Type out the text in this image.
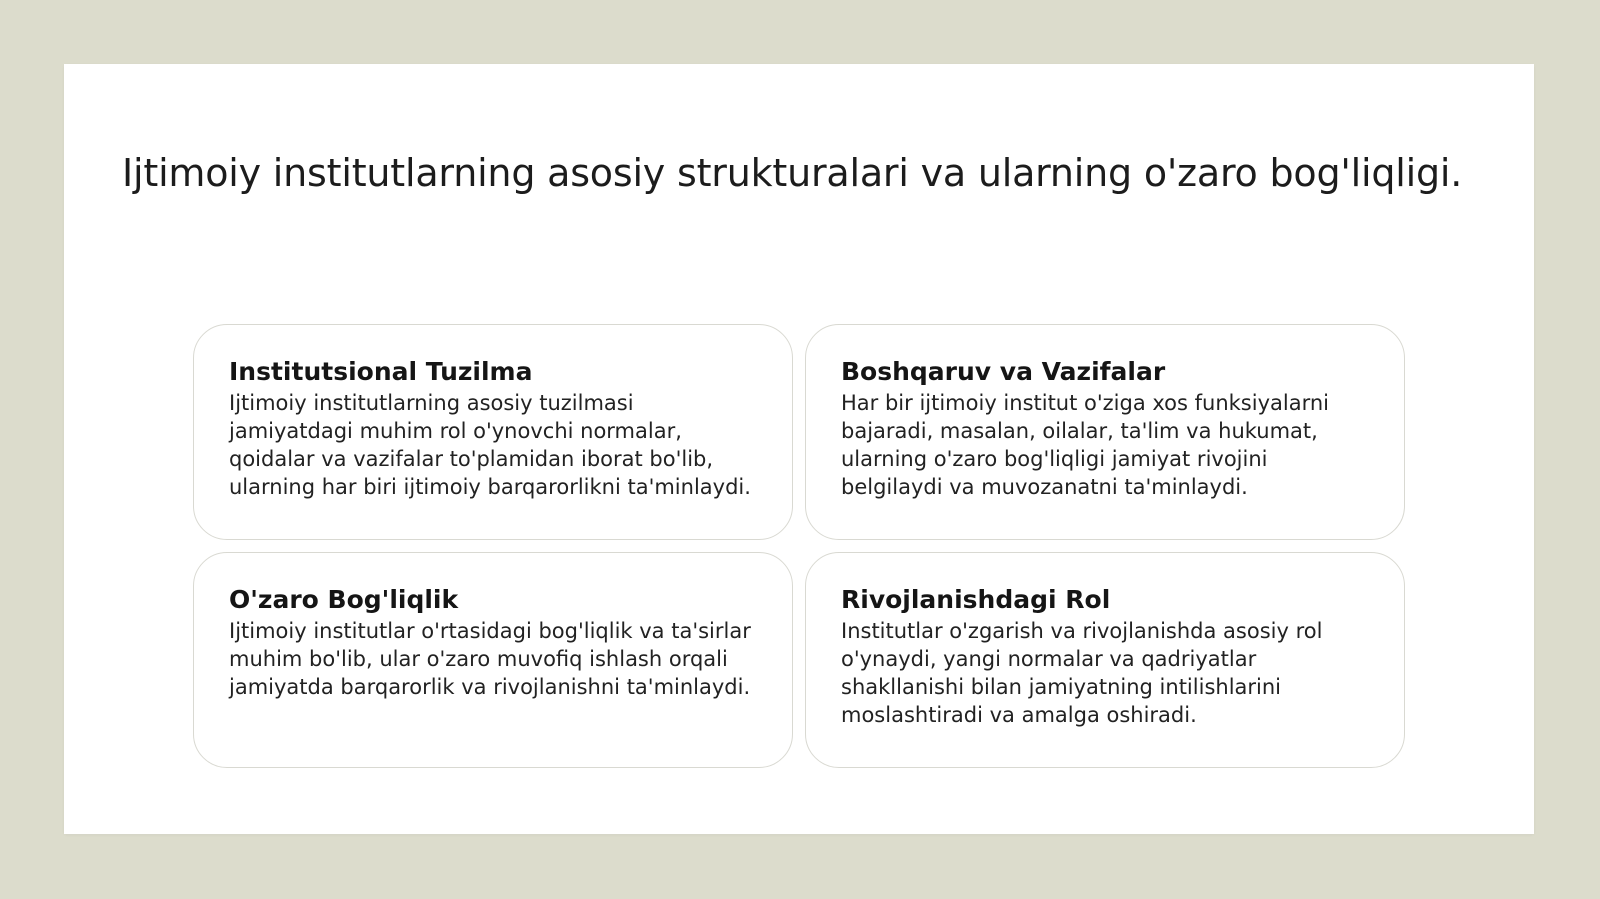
Ijtimoiy institutlarning asosiy strukturalari va ularning o'zaro bog'liqligi.
Institutsional Tuzilma

Ijtimoiy institutlarning asosiy tuzilmasi jamiyatdagi muhim rol o'ynovchi normalar, qoidalar va vazifalar to'plamidan iborat bo'lib, ularning har biri ijtimoiy barqarorlikni ta'minlaydi.

Boshqaruv va Vazifalar

Har bir ijtimoiy institut o'ziga xos funksiyalarni bajaradi, masalan, oilalar, ta'lim va hukumat, ularning o'zaro bog'liqligi jamiyat rivojini belgilaydi va muvozanatni ta'minlaydi.

O'zaro Bog'liqlik

Ijtimoiy institutlar o'rtasidagi bog'liqlik va ta'sirlar muhim bo'lib, ular o'zaro muvofiq ishlash orqali jamiyatda barqarorlik va rivojlanishni ta'minlaydi.

Rivojlanishdagi Rol

Institutlar o'zgarish va rivojlanishda asosiy rol o'ynaydi, yangi normalar va qadriyatlar shakllanishi bilan jamiyatning intilishlarini moslashtiradi va amalga oshiradi.
